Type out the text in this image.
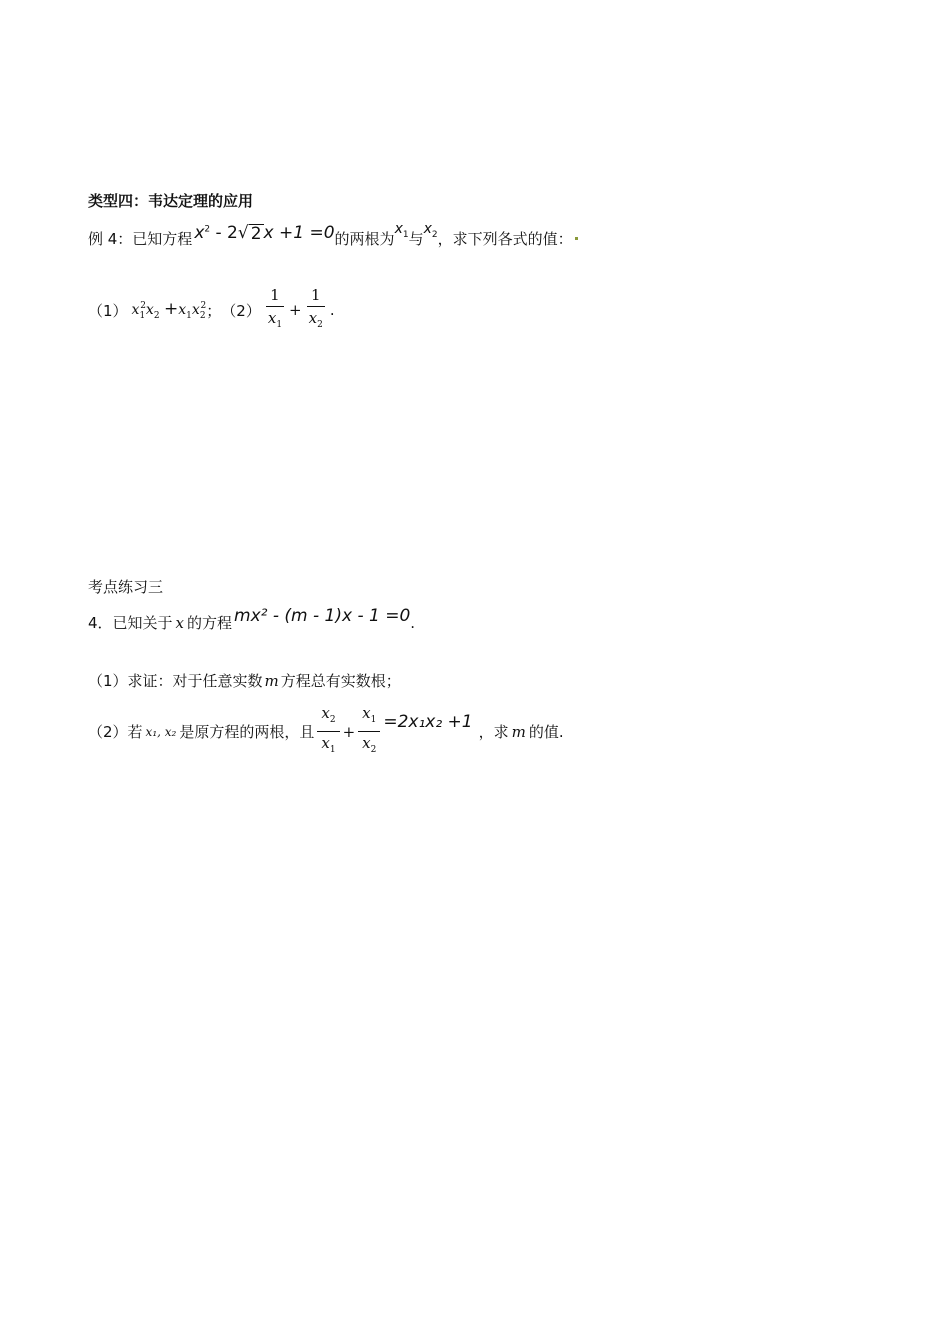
类型四：韦达定理的应用
例 4：已知方程 $x^2 - 2$ √ 2 x +1 =0 的两根为
$x_1$ 与
$x_2$ ，求下列各式的值：
（1） $x_1^2x_2 +x_1x_2^2$ ； $(2) \frac{1}{x_1} + \frac{1}{x_2}$ .
考点练习三
4．已知关于 x 的方程 mx² - (m - 1)x - 1 =0 .
（1）求证：对于任意实数 m 方程总有实数根；
（2）若 x₁, x₂ 是原方程的两根，且 $\frac{x_2}{x_1} + \frac{x_1}{x_2} =2x_1x_2 +1$
，求 m 的值.
